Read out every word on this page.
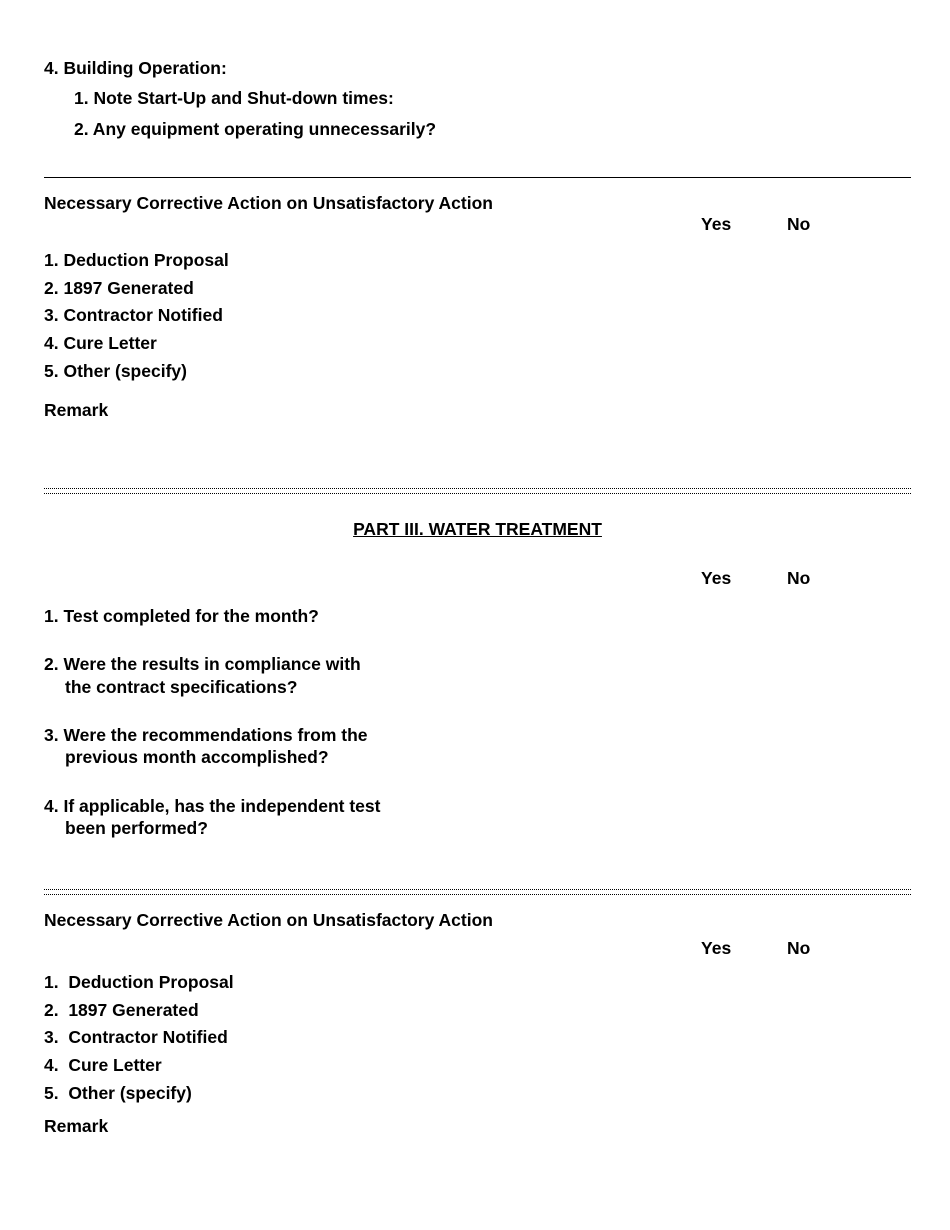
4. Building Operation:
1. Note Start-Up and Shut-down times:
2. Any equipment operating unnecessarily?
Necessary Corrective Action on Unsatisfactory Action
Yes	No
1. Deduction Proposal
2. 1897 Generated
3. Contractor Notified
4. Cure Letter
5. Other (specify)
Remark
PART III. WATER TREATMENT
Yes	No
1. Test completed for the month?
2. Were the results in compliance with
the contract specifications?
3. Were the recommendations from the
previous month accomplished?
4. If applicable, has the independent test
been performed?
Necessary Corrective Action on Unsatisfactory Action
Yes	No
1.  Deduction Proposal
2.  1897 Generated
3.  Contractor Notified
4.  Cure Letter
5.  Other (specify)
Remark
